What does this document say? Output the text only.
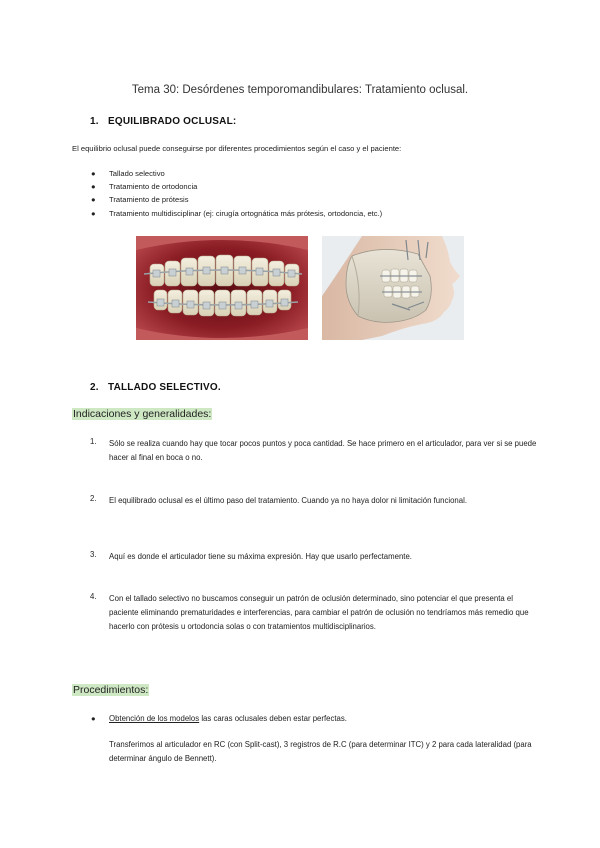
Tema 30: Desórdenes temporomandibulares: Tratamiento oclusal.
1. EQUILIBRADO OCLUSAL:
El equilibrio oclusal puede conseguirse por diferentes procedimientos según el caso y el paciente:
● Tallado selectivo
● Tratamiento de ortodoncia
● Tratamiento de prótesis
● Tratamiento multidisciplinar (ej: cirugía ortognática más prótesis, ortodoncia, etc.)
2. TALLADO SELECTIVO.
Indicaciones y generalidades:
1. Sólo se realiza cuando hay que tocar pocos puntos y poca cantidad. Se hace primero en el articulador, para ver si se puede hacer al final en boca o no.
2. El equilibrado oclusal es el último paso del tratamiento. Cuando ya no haya dolor ni limitación funcional.
3. Aquí es donde el articulador tiene su máxima expresión. Hay que usarlo perfectamente.
4. Con el tallado selectivo no buscamos conseguir un patrón de oclusión determinado, sino potenciar el que presenta el paciente eliminando prematuridades e interferencias, para cambiar el patrón de oclusión no tendríamos más remedio que hacerlo con prótesis u ortodoncia solas o con tratamientos multidisciplinarios.
Procedimientos:
● Obtención de los modelos las caras oclusales deben estar perfectas.
Transferimos al articulador en RC (con Split-cast), 3 registros de R.C (para determinar ITC) y 2 para cada lateralidad (para determinar ángulo de Bennett).
